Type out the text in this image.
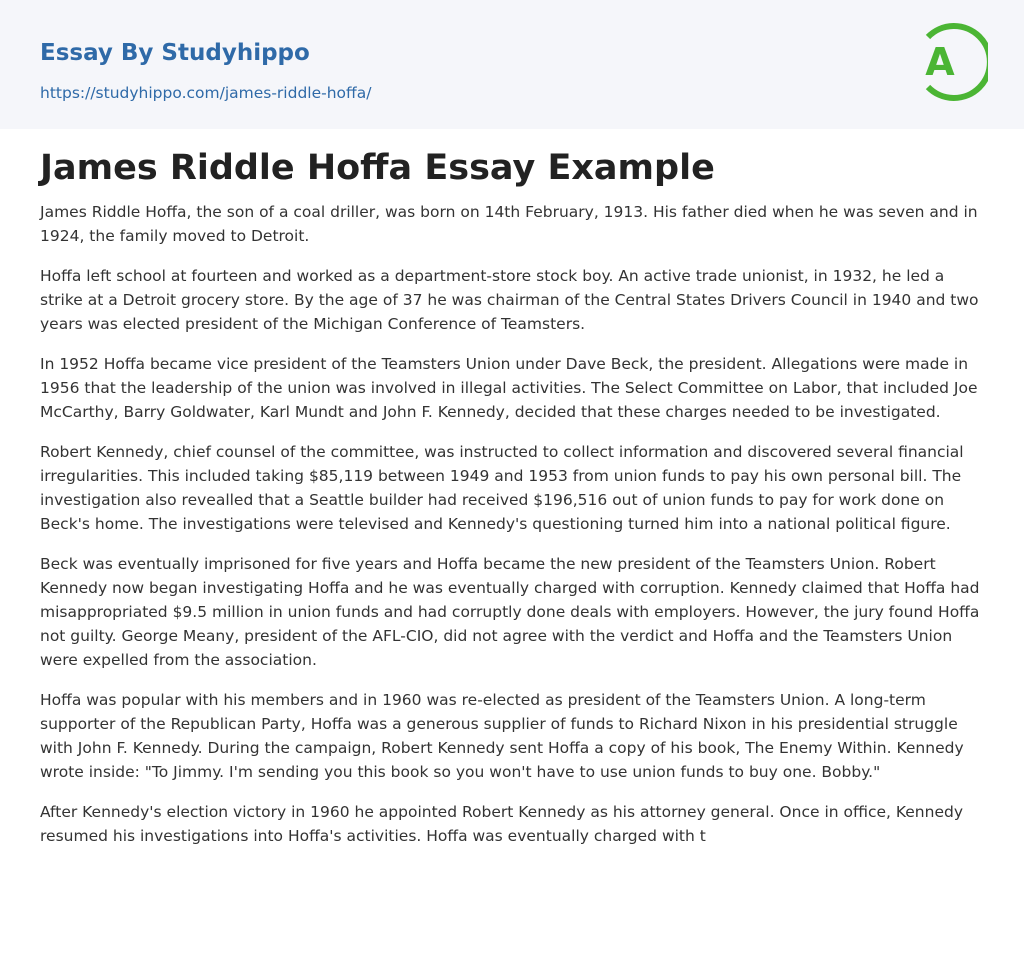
Essay By Studyhippo
https://studyhippo.com/james-riddle-hoffa/
A
James Riddle Hoffa Essay Example

James Riddle Hoffa, the son of a coal driller, was born on 14th February, 1913. His father died when he was seven and in 1924, the family moved to Detroit.

Hoffa left school at fourteen and worked as a department-store stock boy. An active trade unionist, in 1932, he led a strike at a Detroit grocery store. By the age of 37 he was chairman of the Central States Drivers Council in 1940 and two years was elected president of the Michigan Conference of Teamsters.

In 1952 Hoffa became vice president of the Teamsters Union under Dave Beck, the president. Allegations were made in 1956 that the leadership of the union was involved in illegal activities. The Select Committee on Labor, that included Joe McCarthy, Barry Goldwater, Karl Mundt and John F. Kennedy, decided that these charges needed to be investigated.

Robert Kennedy, chief counsel of the committee, was instructed to collect information and discovered several financial irregularities. This included taking $85,119 between 1949 and 1953 from union funds to pay his own personal bill. The investigation also revealled that a Seattle builder had received $196,516 out of union funds to pay for work done on Beck's home. The investigations were televised and Kennedy's questioning turned him into a national political figure.

Beck was eventually imprisoned for five years and Hoffa became the new president of the Teamsters Union. Robert Kennedy now began investigating Hoffa and he was eventually charged with corruption. Kennedy claimed that Hoffa had misappropriated $9.5 million in union funds and had corruptly done deals with employers. However, the jury found Hoffa not guilty. George Meany, president of the AFL-CIO, did not agree with the verdict and Hoffa and the Teamsters Union were expelled from the association.

Hoffa was popular with his members and in 1960 was re-elected as president of the Teamsters Union. A long-term supporter of the Republican Party, Hoffa was a generous supplier of funds to Richard Nixon in his presidential struggle with John F. Kennedy. During the campaign, Robert Kennedy sent Hoffa a copy of his book, The Enemy Within. Kennedy wrote inside: "To Jimmy. I'm sending you this book so you won't have to use union funds to buy one. Bobby."

After Kennedy's election victory in 1960 he appointed Robert Kennedy as his attorney general. Once in office, Kennedy resumed his investigations into Hoffa's activities. Hoffa was eventually charged with t
